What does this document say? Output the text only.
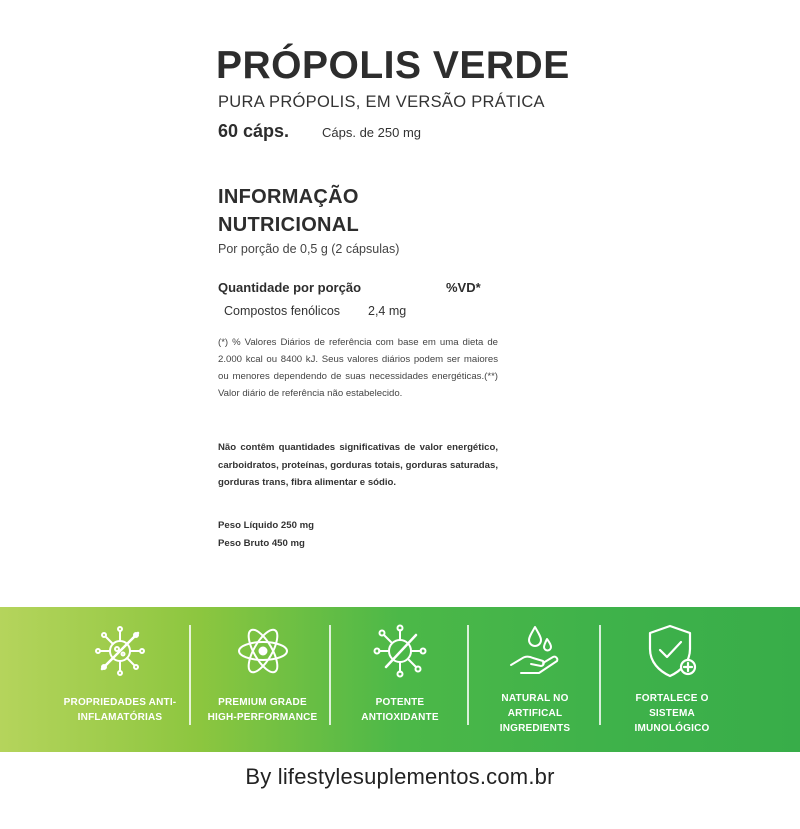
PRÓPOLIS VERDE
PURA PRÓPOLIS, EM VERSÃO PRÁTICA
60 cáps.	Cáps. de 250 mg
INFORMAÇÃO
NUTRICIONAL
Por porção de 0,5 g (2 cápsulas)
Quantidade por porção	%VD*
Compostos fenólicos 2,4 mg

(*) % Valores Diários de referência com base em uma dieta de 2.000 kcal ou 8400 kJ. Seus valores diários podem ser maiores ou menores dependendo de suas necessidades energéticas.(**) Valor diário de referência não estabelecido.

Não contêm quantidades significativas de valor energético, carboidratos, proteínas, gorduras totais, gorduras saturadas, gorduras trans, fibra alimentar e sódio.

Peso Líquido 250 mg
Peso Bruto 450 mg
PROPRIEDADES ANTI-
INFLAMATÓRIAS
PREMIUM GRADE
HIGH-PERFORMANCE
POTENTE
ANTIOXIDANTE
NATURAL NO
ARTIFICAL
INGREDIENTS
FORTALECE O
SISTEMA
IMUNOLÓGICO
By lifestylesuplementos.com.br
